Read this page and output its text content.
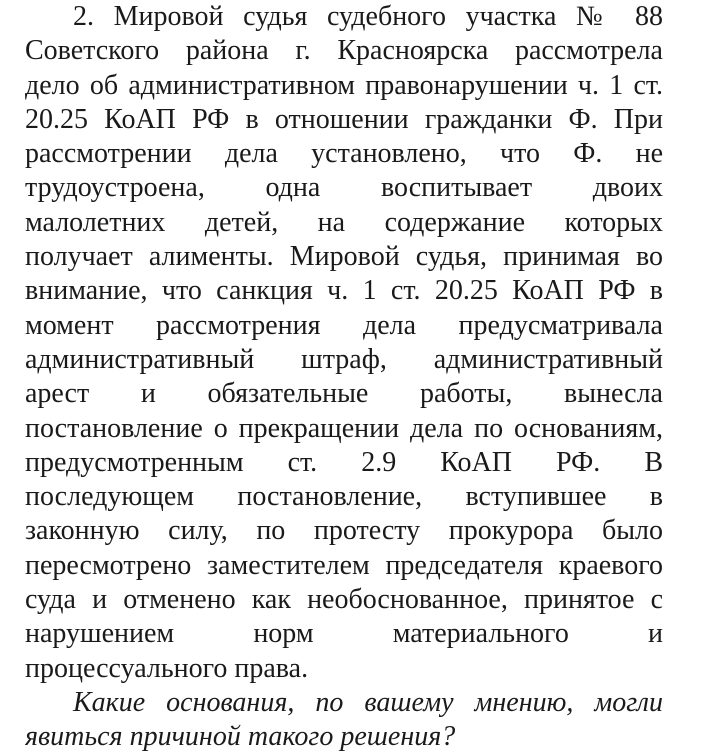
2. Мировой судья судебного участка № 88
Советского района г. Красноярска рассмотрела
дело об административном правонарушении ч. 1 ст.
20.25 КоАП РФ в отношении гражданки Ф. При
рассмотрении дела установлено, что Ф. не
трудоустроена, одна воспитывает двоих
малолетних детей, на содержание которых
получает алименты. Мировой судья, принимая во
внимание, что санкция ч. 1 ст. 20.25 КоАП РФ в
момент рассмотрения дела предусматривала
административный штраф, административный
арест и обязательные работы, вынесла
постановление о прекращении дела по основаниям,
предусмотренным ст. 2.9 КоАП РФ. В
последующем постановление, вступившее в
законную силу, по протесту прокурора было
пересмотрено заместителем председателя краевого
суда и отменено как необоснованное, принятое с
нарушением норм материального и
процессуального права.
Какие основания, по вашему мнению, могли
явиться причиной такого решения?
